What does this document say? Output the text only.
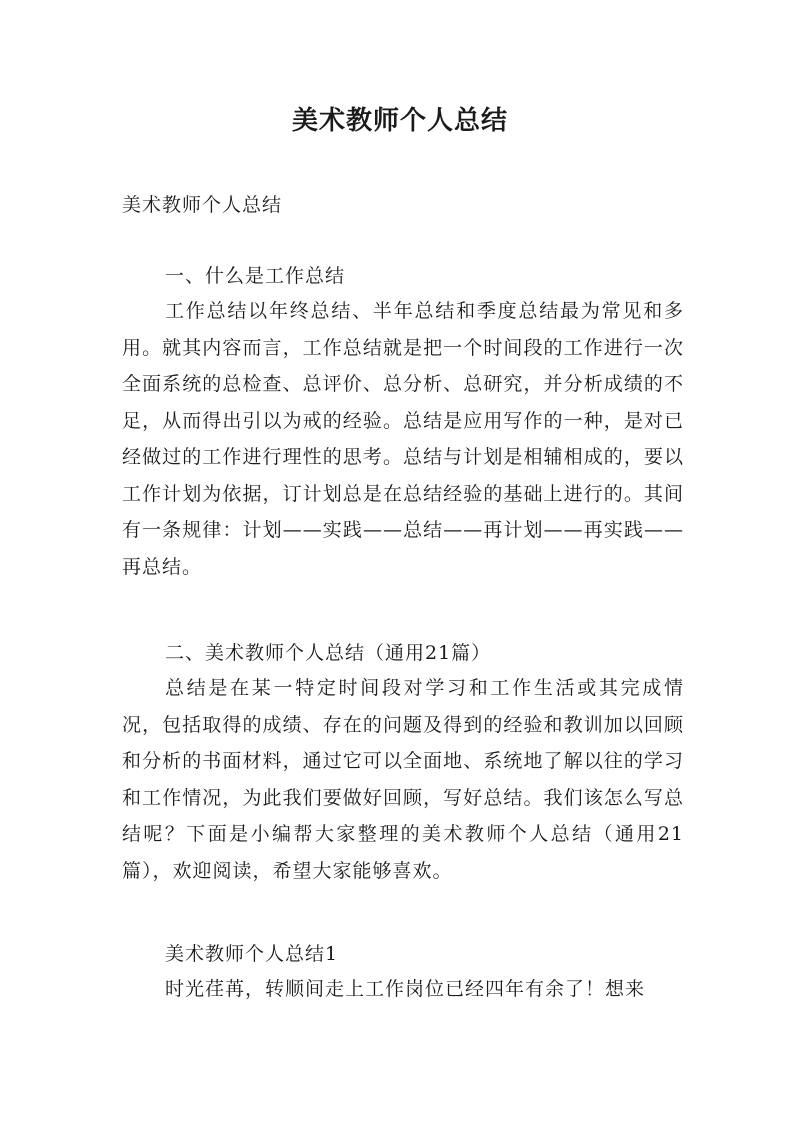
美术教师个人总结
美术教师个人总结
一、什么是工作总结
工作总结以年终总结、半年总结和季度总结最为常见和多用。就其内容而言，工作总结就是把一个时间段的工作进行一次全面系统的总检查、总评价、总分析、总研究，并分析成绩的不足，从而得出引以为戒的经验。总结是应用写作的一种，是对已经做过的工作进行理性的思考。总结与计划是相辅相成的，要以工作计划为依据，订计划总是在总结经验的基础上进行的。其间有一条规律：计划——实践——总结——再计划——再实践——再总结。
二、美术教师个人总结（通用21篇）
总结是在某一特定时间段对学习和工作生活或其完成情况，包括取得的成绩、存在的问题及得到的经验和教训加以回顾和分析的书面材料，通过它可以全面地、系统地了解以往的学习和工作情况，为此我们要做好回顾，写好总结。我们该怎么写总结呢？下面是小编帮大家整理的美术教师个人总结（通用21篇），欢迎阅读，希望大家能够喜欢。
美术教师个人总结1
时光荏苒，转顺间走上工作岗位已经四年有余了！想来
